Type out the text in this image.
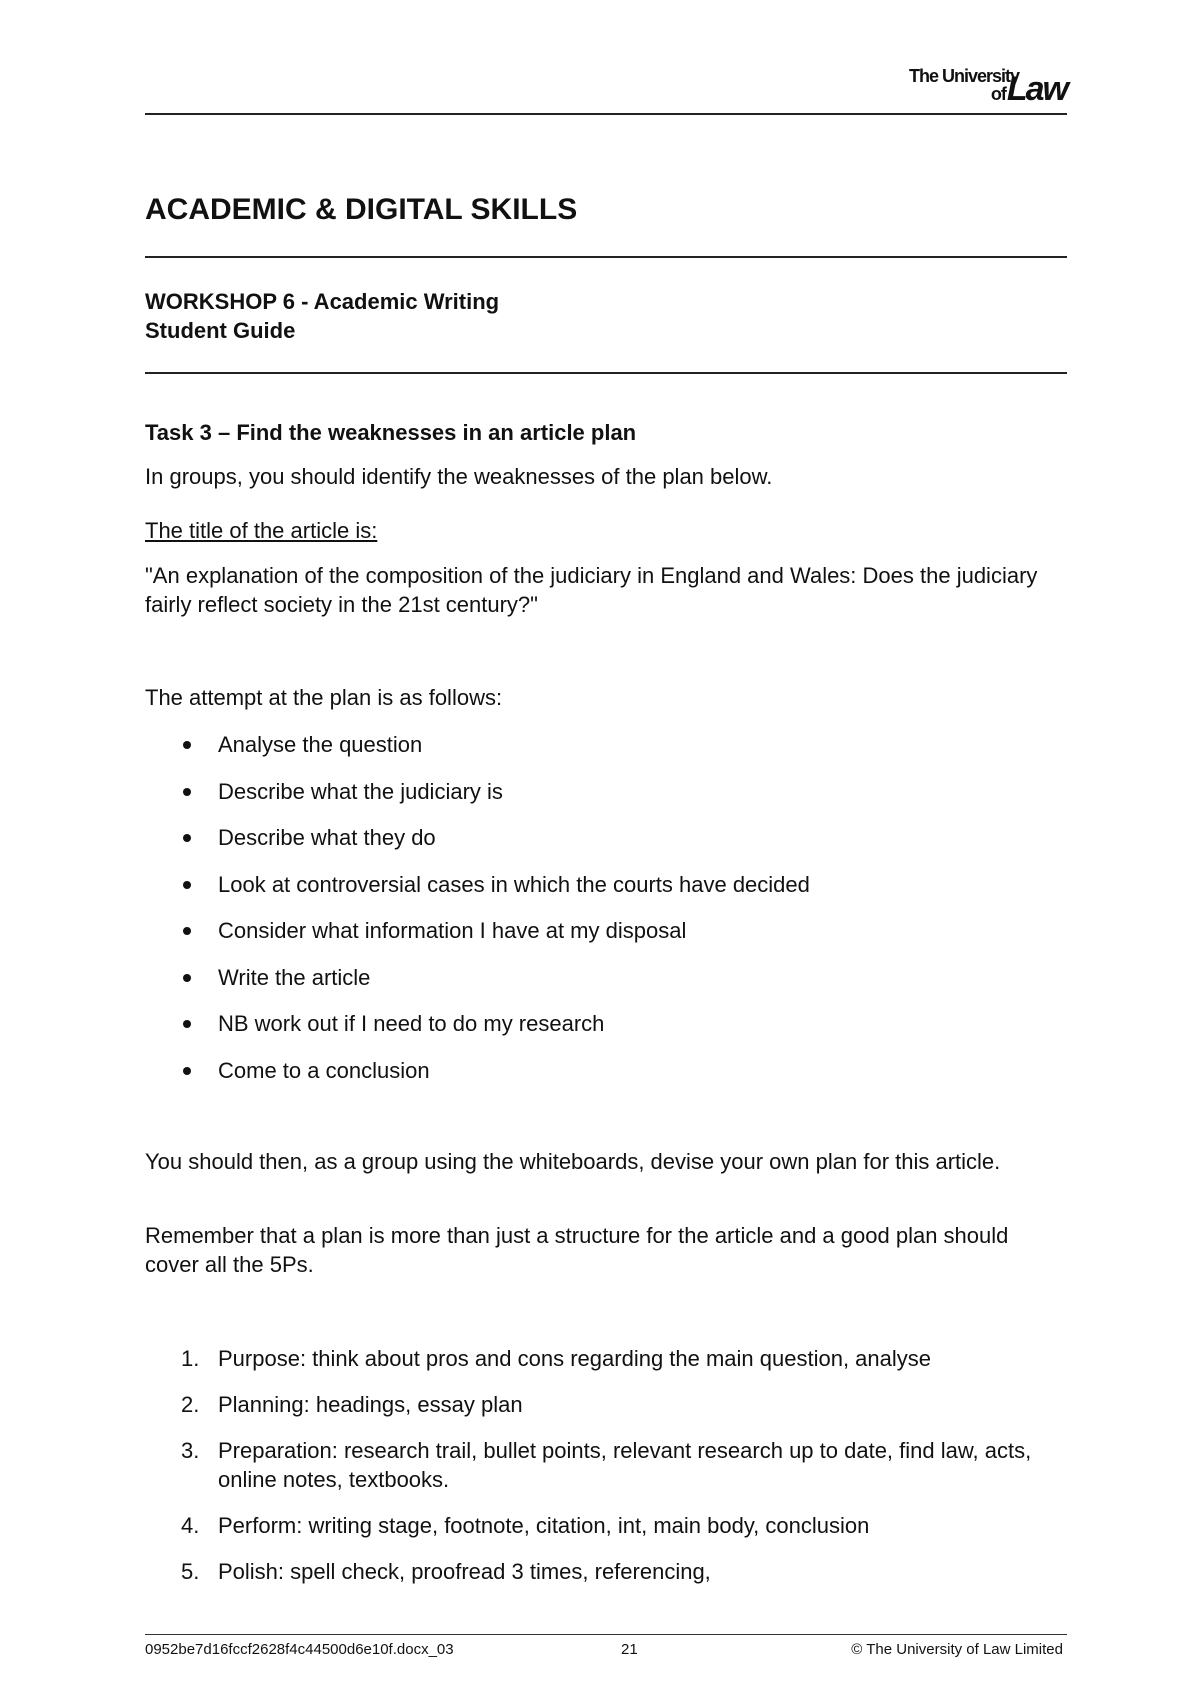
The University
ofLaw
ACADEMIC & DIGITAL SKILLS

WORKSHOP 6 - Academic Writing

Student Guide

Task 3 – Find the weaknesses in an article plan

In groups, you should identify the weaknesses of the plan below.

The title of the article is:

"An explanation of the composition of the judiciary in England and Wales: Does the judiciary fairly reflect society in the 21st century?"

The attempt at the plan is as follows:

Analyse the question
Describe what the judiciary is
Describe what they do
Look at controversial cases in which the courts have decided
Consider what information I have at my disposal
Write the article
NB work out if I need to do my research
Come to a conclusion

You should then, as a group using the whiteboards, devise your own plan for this article.

Remember that a plan is more than just a structure for the article and a good plan should cover all the 5Ps.

1. Purpose: think about pros and cons regarding the main question, analyse
2. Planning: headings, essay plan
3. Preparation: research trail, bullet points, relevant research up to date, find law, acts, online notes, textbooks.
4. Perform: writing stage, footnote, citation, int, main body, conclusion
5. Polish: spell check, proofread 3 times, referencing,
0952be7d16fccf2628f4c44500d6e10f.docx_03	21	© The University of Law Limited
